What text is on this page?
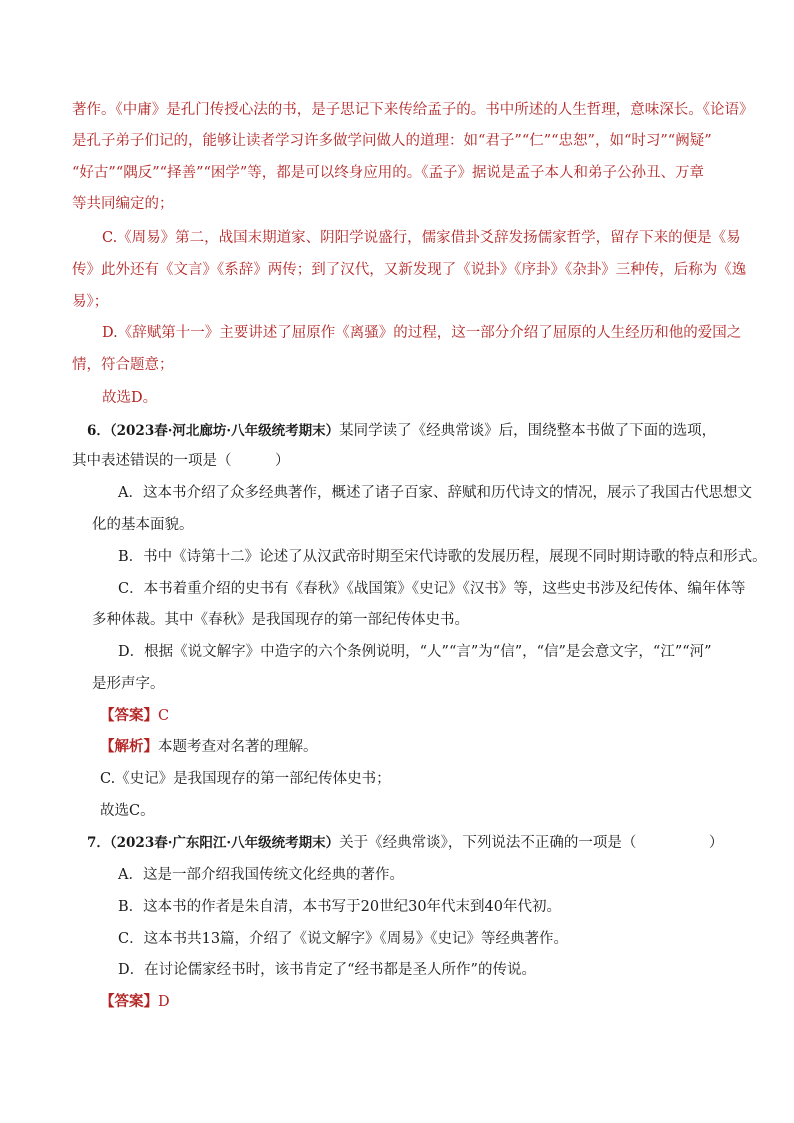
著作。《中庸》是孔门传授心法的书，是子思记下来传给孟子的。书中所述的人生哲理，意味深长。《论语》
是孔子弟子们记的，能够让读者学习许多做学问做人的道理：如“君子”“仁”“忠恕”，如“时习”“阙疑”
“好古”“隅反”“择善”“困学”等，都是可以终身应用的。《孟子》据说是孟子本人和弟子公孙丑、万章
等共同编定的；
C.《周易》第二，战国末期道家、阴阳学说盛行，儒家借卦爻辞发扬儒家哲学，留存下来的便是《易
传》此外还有《文言》《系辞》两传；到了汉代，又新发现了《说卦》《序卦》《杂卦》三种传，后称为《逸
易》；
D.《辞赋第十一》主要讲述了屈原作《离骚》的过程，这一部分介绍了屈原的人生经历和他的爱国之
情，符合题意；
故选D。
6．（2023春·河北廊坊·八年级统考期末）某同学读了《经典常谈》后，围绕整本书做了下面的选项，
其中表述错误的一项是（　　　）
A．这本书介绍了众多经典著作，概述了诸子百家、辞赋和历代诗文的情况，展示了我国古代思想文
化的基本面貌。
B．书中《诗第十二》论述了从汉武帝时期至宋代诗歌的发展历程，展现不同时期诗歌的特点和形式。
C．本书着重介绍的史书有《春秋》《战国策》《史记》《汉书》等，这些史书涉及纪传体、编年体等
多种体裁。其中《春秋》是我国现存的第一部纪传体史书。
D．根据《说文解字》中造字的六个条例说明，“人”“言”为“信”，“信”是会意文字，“江”“河”
是形声字。
【答案】C
【解析】本题考查对名著的理解。
C.《史记》是我国现存的第一部纪传体史书；
故选C。
7．（2023春·广东阳江·八年级统考期末）关于《经典常谈》，下列说法不正确的一项是（　　　　　）
A．这是一部介绍我国传统文化经典的著作。
B．这本书的作者是朱自清，本书写于20世纪30年代末到40年代初。
C．这本书共13篇，介绍了《说文解字》《周易》《史记》等经典著作。
D．在讨论儒家经书时，该书肯定了“经书都是圣人所作”的传说。
【答案】D
